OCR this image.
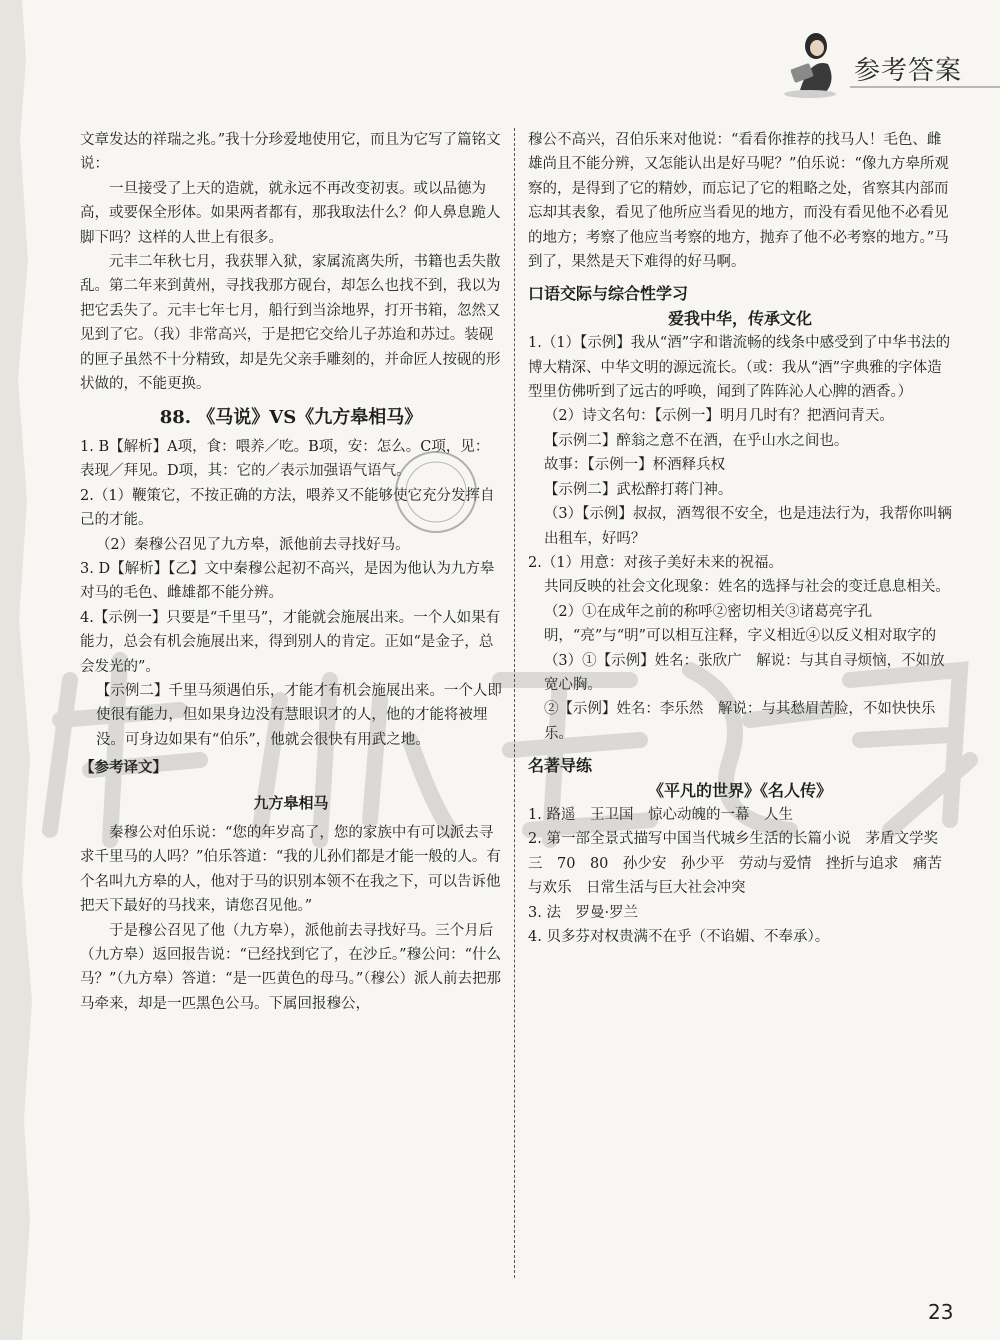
参考答案

文章发达的祥瑞之兆。”我十分珍爱地使用它，而且为它写了篇铭文说：

一旦接受了上天的造就，就永远不再改变初衷。或以品德为高，或要保全形体。如果两者都有，那我取法什么？仰人鼻息跪人脚下吗？这样的人世上有很多。

元丰二年秋七月，我获罪入狱，家属流离失所，书籍也丢失散乱。第二年来到黄州，寻找我那方砚台，却怎么也找不到，我以为把它丢失了。元丰七年七月，船行到当涂地界，打开书箱，忽然又见到了它。（我）非常高兴，于是把它交给儿子苏迨和苏过。装砚的匣子虽然不十分精致，却是先父亲手雕刻的，并命匠人按砚的形状做的，不能更换。

88. 《马说》VS《九方皋相马》

1. B【解析】A项，食：喂养／吃。B项，安：怎么。C项，见：表现／拜见。D项，其：它的／表示加强语气语气。

2.（1）鞭策它，不按正确的方法，喂养又不能够使它充分发挥自己的才能。

（2）秦穆公召见了九方皋，派他前去寻找好马。

3. D【解析】【乙】文中秦穆公起初不高兴，是因为他认为九方皋对马的毛色、雌雄都不能分辨。

4.【示例一】只要是“千里马”，才能就会施展出来。一个人如果有能力，总会有机会施展出来，得到别人的肯定。正如“是金子，总会发光的”。

【示例二】千里马须遇伯乐，才能才有机会施展出来。一个人即使很有能力，但如果身边没有慧眼识才的人，他的才能将被埋没。可身边如果有“伯乐”，他就会很快有用武之地。

【参考译文】
九方皋相马

秦穆公对伯乐说：“您的年岁高了，您的家族中有可以派去寻求千里马的人吗？”伯乐答道：“我的儿孙们都是才能一般的人。有个名叫九方皋的人，他对于马的识别本领不在我之下，可以告诉他把天下最好的马找来，请您召见他。”

于是穆公召见了他（九方皋），派他前去寻找好马。三个月后（九方皋）返回报告说：“已经找到它了，在沙丘。”穆公问：“什么马？”（九方皋）答道：“是一匹黄色的母马。”（穆公）派人前去把那马牵来，却是一匹黑色公马。下属回报穆公，

穆公不高兴，召伯乐来对他说：“看看你推荐的找马人！毛色、雌雄尚且不能分辨，又怎能认出是好马呢？”伯乐说：“像九方皋所观察的，是得到了它的精妙，而忘记了它的粗略之处，省察其内部而忘却其表象，看见了他所应当看见的地方，而没有看见他不必看见的地方；考察了他应当考察的地方，抛弃了他不必考察的地方。”马到了，果然是天下难得的好马啊。

口语交际与综合性学习
爱我中华，传承文化

1.（1）【示例】我从“酒”字和谐流畅的线条中感受到了中华书法的博大精深、中华文明的源远流长。（或：我从“酒”字典雅的字体造型里仿佛听到了远古的呼唤，闻到了阵阵沁人心脾的酒香。）

（2）诗文名句：【示例一】明月几时有？把酒问青天。

【示例二】醉翁之意不在酒，在乎山水之间也。

故事：【示例一】杯酒释兵权

【示例二】武松醉打蒋门神。

（3）【示例】叔叔，酒驾很不安全，也是违法行为，我帮你叫辆出租车，好吗？

2.（1）用意：对孩子美好未来的祝福。

共同反映的社会文化现象：姓名的选择与社会的变迁息息相关。

（2）①在成年之前的称呼②密切相关③诸葛亮字孔明，“亮”与“明”可以相互注释，字义相近④以反义相对取字的

（3）①【示例】姓名：张欣广　解说：与其自寻烦恼，不如放宽心胸。

②【示例】姓名：李乐然　解说：与其愁眉苦脸，不如快快乐乐。

名著导练
《平凡的世界》《名人传》

1. 路遥　王卫国　惊心动魄的一幕　人生

2. 第一部全景式描写中国当代城乡生活的长篇小说　茅盾文学奖　三　70　80　孙少安　孙少平　劳动与爱情　挫折与追求　痛苦与欢乐　日常生活与巨大社会冲突

3. 法　罗曼·罗兰

4. 贝多芬对权贵满不在乎（不谄媚、不奉承）。

23
